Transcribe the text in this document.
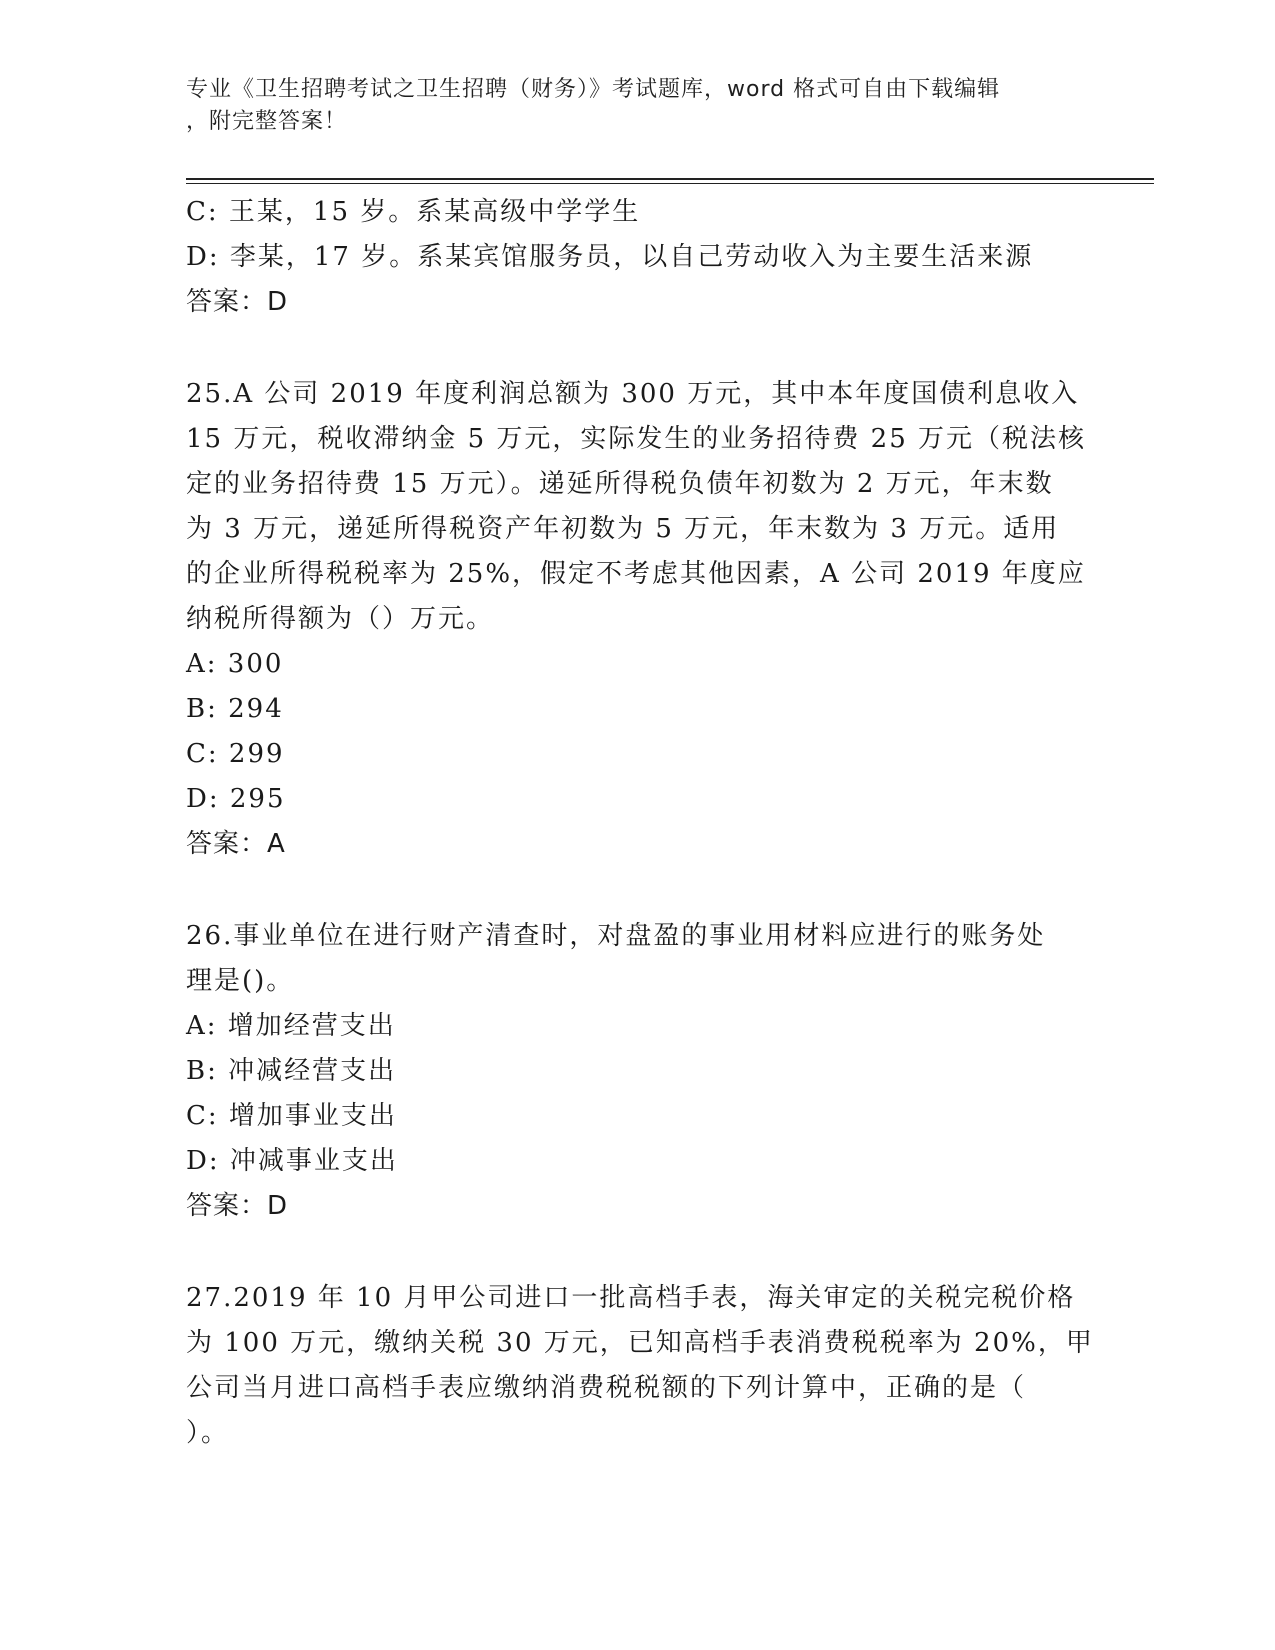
专业《卫生招聘考试之卫生招聘（财务）》考试题库，word 格式可自由下载编辑
，附完整答案！
C: 王某，15 岁。系某高级中学学生
D: 李某，17 岁。系某宾馆服务员，以自己劳动收入为主要生活来源
答案：D
25.A 公司 2019 年度利润总额为 300 万元，其中本年度国债利息收入
15 万元，税收滞纳金 5 万元，实际发生的业务招待费 25 万元（税法核
定的业务招待费 15 万元）。递延所得税负债年初数为 2 万元，年末数
为 3 万元，递延所得税资产年初数为 5 万元，年末数为 3 万元。适用
的企业所得税税率为 25%，假定不考虑其他因素，A 公司 2019 年度应
纳税所得额为（）万元。
A: 300
B: 294
C: 299
D: 295
答案：A
26.事业单位在进行财产清查时，对盘盈的事业用材料应进行的账务处
理是()。
A: 增加经营支出
B: 冲减经营支出
C: 增加事业支出
D: 冲减事业支出
答案：D
27.2019 年 10 月甲公司进口一批高档手表，海关审定的关税完税价格
为 100 万元，缴纳关税 30 万元，已知高档手表消费税税率为 20%，甲
公司当月进口高档手表应缴纳消费税税额的下列计算中，正确的是（
）。
